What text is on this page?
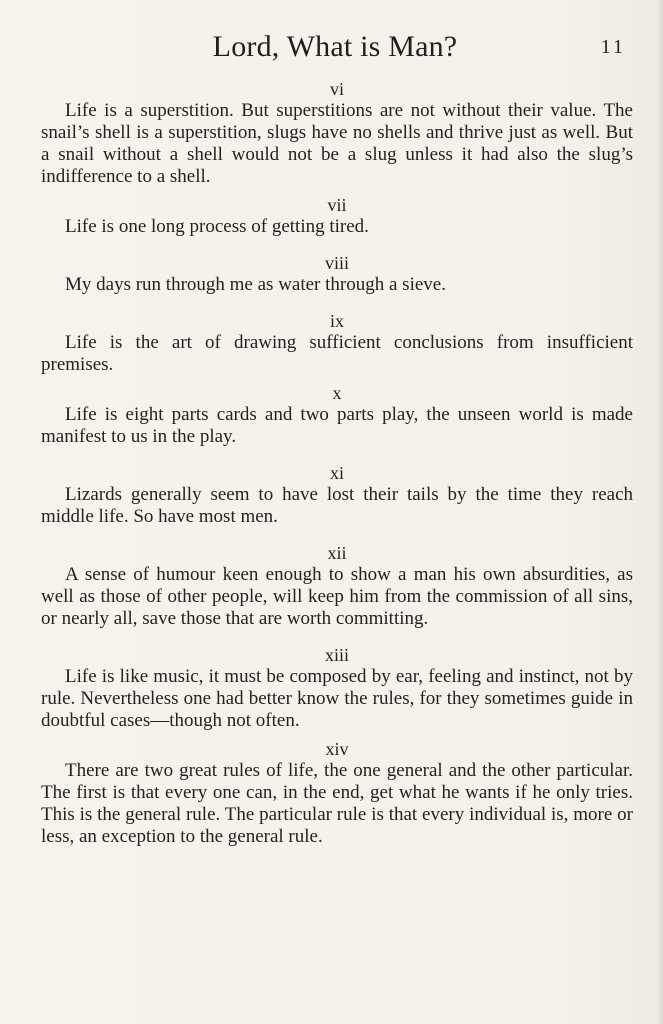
Lord, What is Man?	11
vi

Life is a superstition. But superstitions are not without their value. The snail’s shell is a superstition, slugs have no shells and thrive just as well. But a snail without a shell would not be a slug unless it had also the slug’s indifference to a shell.

vii

Life is one long process of getting tired.

viii

My days run through me as water through a sieve.

ix

Life is the art of drawing sufficient conclusions from insufficient premises.

x

Life is eight parts cards and two parts play, the unseen world is made manifest to us in the play.

xi

Lizards generally seem to have lost their tails by the time they reach middle life. So have most men.

xii

A sense of humour keen enough to show a man his own absurdities, as well as those of other people, will keep him from the commission of all sins, or nearly all, save those that are worth committing.

xiii

Life is like music, it must be composed by ear, feeling and instinct, not by rule. Nevertheless one had better know the rules, for they sometimes guide in doubtful cases—though not often.

xiv

There are two great rules of life, the one general and the other particular. The first is that every one can, in the end, get what he wants if he only tries. This is the general rule. The particular rule is that every individual is, more or less, an exception to the general rule.
